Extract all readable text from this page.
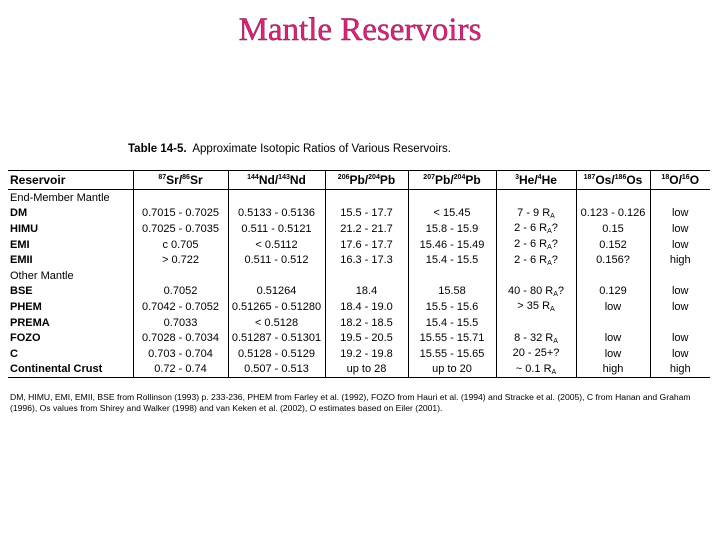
Mantle Reservoirs
Table 14-5. Approximate Isotopic Ratios of Various Reservoirs.
Reservoir	$^{87}$Sr/$^{86}$Sr	$^{144}$Nd/$^{143}$Nd	$^{206}$Pb/$^{204}$Pb	$^{207}$Pb/$^{204}$Pb	$^3$He/$^4$He	$^{187}$Os/$^{186}$Os	$^{18}$O/$^{16}$O
End-Member Mantle							
DM	0.7015 - 0.7025	0.5133 - 0.5136	15.5 - 17.7	< 15.45	7 - 9 $R_A$	0.123 - 0.126	low
HIMU	0.7025 - 0.7035	0.511 - 0.5121	21.2 - 21.7	15.8 - 15.9	2 - 6 $R_A$?	0.15	low
EMI	c 0.705	< 0.5112	17.6 - 17.7	15.46 - 15.49	2 - 6 $R_A$?	0.152	low
EMII	> 0.722	0.511 - 0.512	16.3 - 17.3	15.4 - 15.5	2 - 6 $R_A$?	0.156?	high
Other Mantle							
BSE	0.7052	0.51264	18.4	15.58	40 - 80 $R_A$?	0.129	low
PHEM	0.7042 - 0.7052	0.51265 - 0.51280	18.4 - 19.0	15.5 - 15.6	> 35 $R_A$	low	low
PREMA	0.7033	< 0.5128	18.2 - 18.5	15.4 - 15.5			
FOZO	0.7028 - 0.7034	0.51287 - 0.51301	19.5 - 20.5	15.55 - 15.71	8 - 32 $R_A$	low	low
C	0.703 - 0.704	0.5128 - 0.5129	19.2 - 19.8	15.55 - 15.65	20 - 25+?	low	low
Continental Crust	0.72 - 0.74	0.507 - 0.513	up to 28	up to 20	~ 0.1 $R_A$	high	high
DM, HIMU, EMI, EMII, BSE from Rollinson (1993) p. 233-236, PHEM from Farley et al. (1992), FOZO from Hauri et al. (1994) and Stracke et al. (2005), C from Hanan and Graham (1996), Os values from Shirey and Walker (1998) and van Keken et al. (2002), O estimates based on Eiler (2001).
